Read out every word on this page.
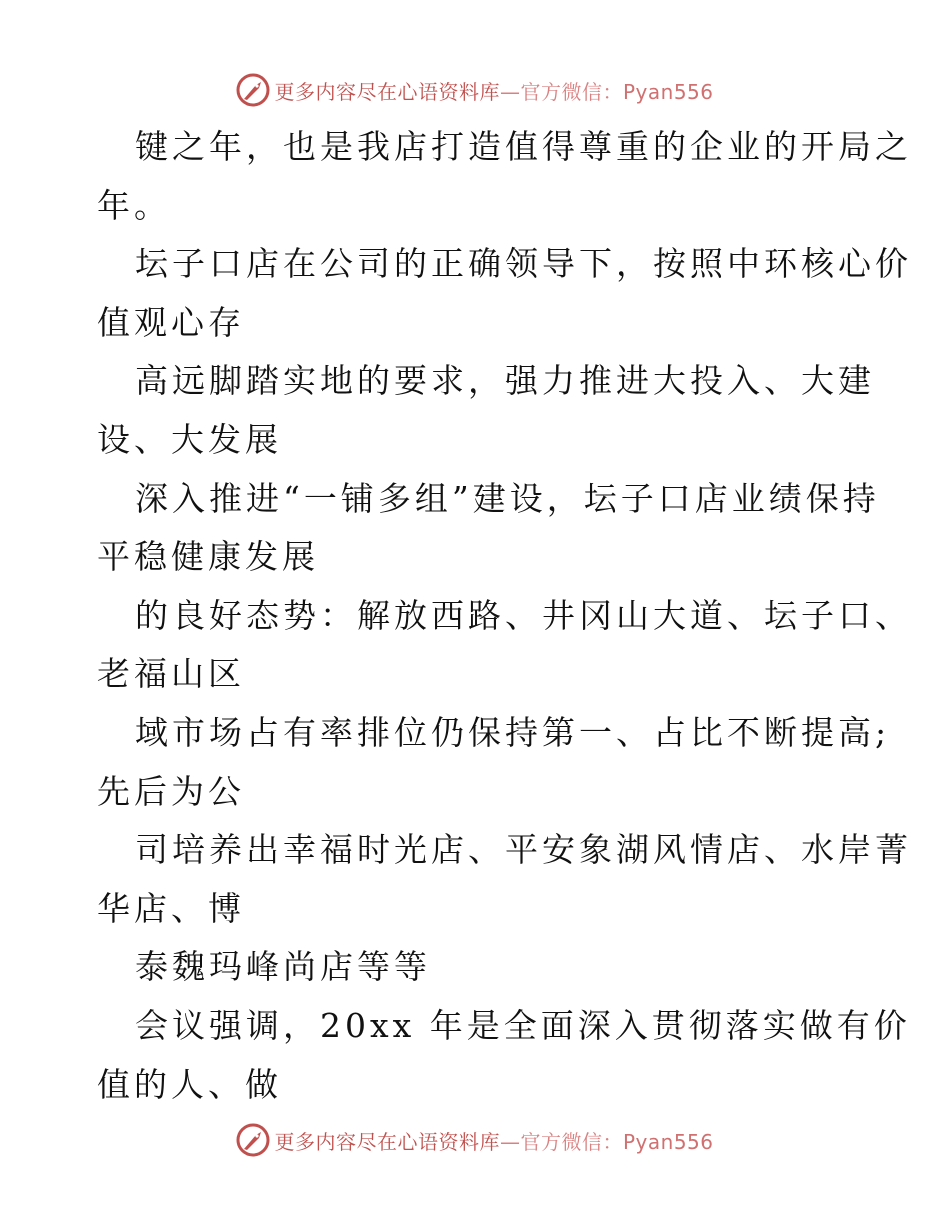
更多内容尽在心语资料库—官方微信：Pyan556
键之年，也是我店打造值得尊重的企业的开局之
年。
坛子口店在公司的正确领导下，按照中环核心价
值观心存
高远脚踏实地的要求，强力推进大投入、大建
设、大发展
深入推进“一铺多组”建设，坛子口店业绩保持
平稳健康发展
的良好态势：解放西路、井冈山大道、坛子口、
老福山区
域市场占有率排位仍保持第一、占比不断提高;
先后为公
司培养出幸福时光店、平安象湖风情店、水岸菁
华店、博
泰魏玛峰尚店等等
会议强调，20xx 年是全面深入贯彻落实做有价
值的人、做
更多内容尽在心语资料库—官方微信：Pyan556
